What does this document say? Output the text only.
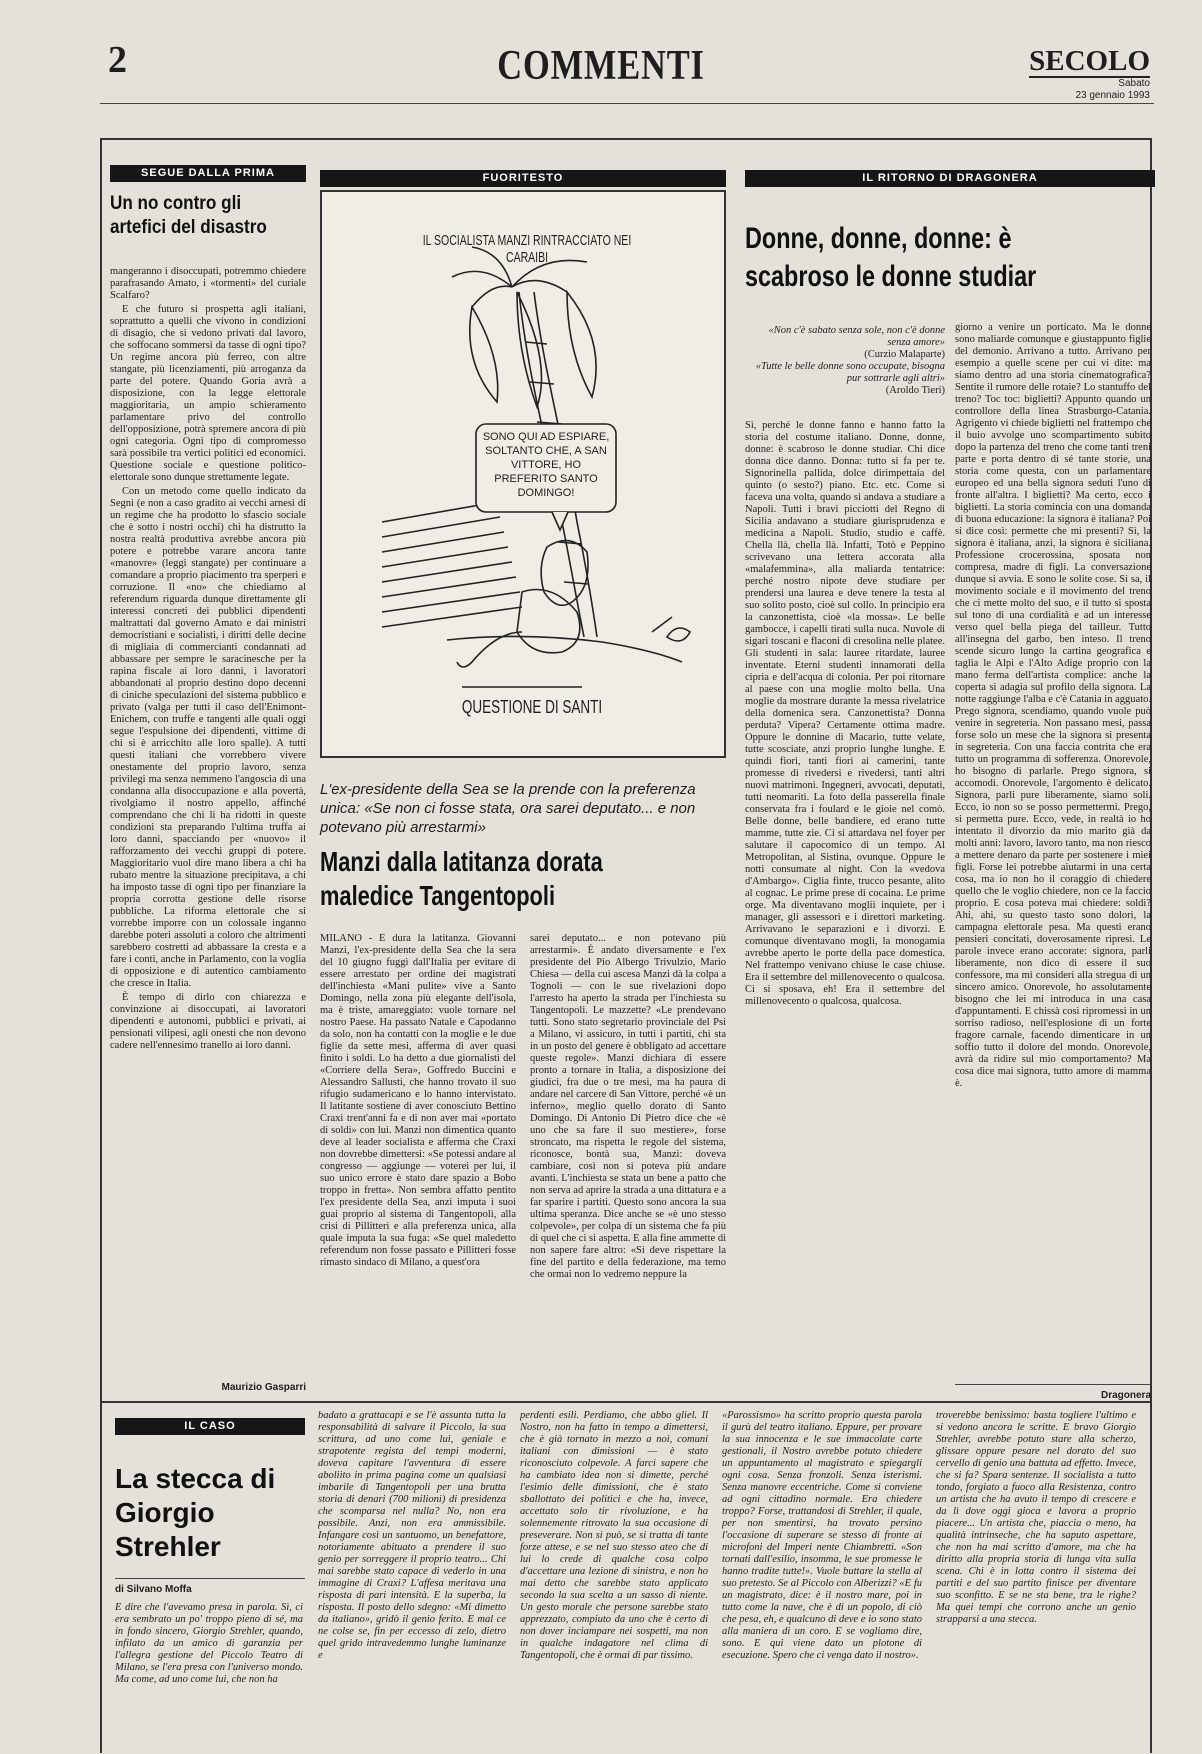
2	COMMENTI	SECOLO
Sabato
23 gennaio 1993
SEGUE DALLA PRIMA
Un no contro gli artefici del disastro

mangeranno i disoccupati, potremmo chiedere parafrasando Amato, i «tormenti» del curiale Scalfaro?

E che futuro si prospetta agli italiani, soprattutto a quelli che vivono in condizioni di disagio, che si vedono privati dal lavoro, che soffocano sommersi da tasse di ogni tipo? Un regime ancora più ferreo, con altre stangate, più licenziamenti, più arroganza da parte del potere. Quando Goria avrà a disposizione, con la legge elettorale maggioritaria, un ampio schieramento parlamentare privo del controllo dell'opposizione, potrà spremere ancora di più ogni categoria. Ogni tipo di compromesso sarà possibile tra vertici politici ed economici. Questione sociale e questione politico-elettorale sono dunque strettamente legate.

Con un metodo come quello indicato da Segni (e non a caso gradito ai vecchi arnesi di un regime che ha prodotto lo sfascio sociale che è sotto i nostri occhi) chi ha distrutto la nostra realtà produttiva avrebbe ancora più potere e potrebbe varare ancora tante «manovre» (leggi stangate) per continuare a comandare a proprio piacimento tra sperperi e corruzione. Il «no» che chiediamo al referendum riguarda dunque direttamente gli interessi concreti dei pubblici dipendenti maltrattati dal governo Amato e dai ministri democristiani e socialisti, i diritti delle decine di migliaia di commercianti condannati ad abbassare per sempre le saracinesche per la rapina fiscale ai loro danni, i lavoratori abbandonati al proprio destino dopo decenni di ciniche speculazioni del sistema pubblico e privato (valga per tutti il caso dell'Enimont-Enichem, con truffe e tangenti alle quali oggi segue l'espulsione dei dipendenti, vittime di chi si è arricchito alle loro spalle). A tutti questi italiani che vorrebbero vivere onestamente del proprio lavoro, senza privilegi ma senza nemmeno l'angoscia di una condanna alla disoccupazione e alla povertà, rivolgiamo il nostro appello, affinché comprendano che chi li ha ridotti in queste condizioni sta preparando l'ultima truffa ai loro danni, spacciando per «nuovo» il rafforzamento dei vecchi gruppi di potere. Maggioritario vuol dire mano libera a chi ha rubato mentre la situazione precipitava, a chi ha imposto tasse di ogni tipo per finanziare la propria corrotta gestione delle risorse pubbliche. La riforma elettorale che si vorrebbe imporre con un colossale inganno darebbe poteri assoluti a coloro che altrimenti sarebbero costretti ad abbassare la cresta e a fare i conti, anche in Parlamento, con la voglia di opposizione e di autentico cambiamento che cresce in Italia.

È tempo di dirlo con chiarezza e convinzione ai disoccupati, ai lavoratori dipendenti e autonomi, pubblici e privati, ai pensionati vilipesi, agli onesti che non devono cadere nell'ennesimo tranello ai loro danni.

Maurizio Gasparri
FUORITESTO
IL SOCIALISTA MANZI RINTRACCIATO NEI CARAIBI
SONO QUI AD ESPIARE, SOLTANTO CHE, A SAN VITTORE, HO PREFERITO SANTO DOMINGO!
QUESTIONE DI SANTI
L'ex-presidente della Sea se la prende con la preferenza unica: «Se non ci fosse stata, ora sarei deputato... e non potevano più arrestarmi»
Manzi dalla latitanza dorata maledice Tangentopoli
MILANO - È dura la latitanza. Giovanni Manzi, l'ex-presidente della Sea che la sera del 10 giugno fuggì dall'Italia per evitare di essere arrestato per ordine dei magistrati dell'inchiesta «Mani pulite» vive a Santo Domingo, nella zona più elegante dell'isola, ma è triste, amareggiato: vuole tornare nel nostro Paese. Ha passato Natale e Capodanno da solo, non ha contatti con la moglie e le due figlie da sette mesi, afferma di aver quasi finito i soldi. Lo ha detto a due giornalisti del «Corriere della Sera», Goffredo Buccini e Alessandro Sallusti, che hanno trovato il suo rifugio sudamericano e lo hanno intervistato. Il latitante sostiene di aver conosciuto Bettino Craxi trent'anni fa e di non aver mai «portato di soldi» con lui. Manzi non dimentica quanto deve al leader socialista e afferma che Craxi non dovrebbe dimettersi: «Se potessi andare al congresso — aggiunge — voterei per lui, il suo unico errore è stato dare spazio a Bobo troppo in fretta». Non sembra affatto pentito l'ex presidente della Sea, anzi imputa i suoi guai proprio al sistema di Tangentopoli, alla crisi di Pillitteri e alla preferenza unica, alla quale imputa la sua fuga: «Se quel maledetto referendum non fosse passato e Pillitteri fosse rimasto sindaco di Milano, a quest'ora
sarei deputato... e non potevano più arrestarmi». È andato diversamente e l'ex presidente del Pio Albergo Trivulzio, Mario Chiesa — della cui ascesa Manzi dà la colpa a Tognoli — con le sue rivelazioni dopo l'arresto ha aperto la strada per l'inchiesta su Tangentopoli. Le mazzette? «Le prendevano tutti. Sono stato segretario provinciale del Psi a Milano, vi assicuro, in tutti i partiti, chi sta in un posto del genere è obbligato ad accettare queste regole». Manzi dichiara di essere pronto a tornare in Italia, a disposizione dei giudici, fra due o tre mesi, ma ha paura di andare nel carcere di San Vittore, perché «è un inferno», meglio quello dorato di Santo Domingo. Di Antonio Di Pietro dice che «è uno che sa fare il suo mestiere», forse stroncato, ma rispetta le regole del sistema, riconosce, bontà sua, Manzi: doveva cambiare, così non si poteva più andare avanti. L'inchiesta se stata un bene a patto che non serva ad aprire la strada a una dittatura e a far sparire i partiti. Questo sono ancora la sua ultima speranza. Dice anche se «è uno stesso colpevole», per colpa di un sistema che fa più di quel che ci si aspetta. E alla fine ammette di non sapere fare altro: «Si deve rispettare la fine del partito e della federazione, ma temo che ormai non lo vedremo neppure la
IL RITORNO DI DRAGONERA
Donne, donne, donne: è scabroso le donne studiar
«Non c'è sabato senza sole, non c'è donne senza amore»
(Curzio Malaparte)
«Tutte le belle donne sono occupate, bisogna pur sottrarle agli altri»
(Aroldo Tieri)
Sì, perché le donne fanno e hanno fatto la storia del costume italiano. Donne, donne, donne: è scabroso le donne studiar. Chi dice donna dice danno. Donna: tutto si fa per te. Signorinella pallida, dolce dirimpettaia del quinto (o sesto?) piano. Etc. etc. Come si faceva una volta, quando si andava a studiare a Napoli. Tutti i bravi picciotti del Regno di Sicilia andavano a studiare giurisprudenza e medicina a Napoli. Studio, studio e caffè. Chella llà, chella llà. Infatti, Totò e Peppino scrivevano una lettera accorata alla «malafemmina», alla maliarda tentatrice: perché nostro nipote deve studiare per prendersi una laurea e deve tenere la testa al suo solito posto, cioè sul collo. In principio era la canzonettista, cioè «la mossa». Le belle gambocce, i capelli tirati sulla nuca. Nuvole di sigari toscani e flaconi di cresolina nelle platee. Gli studenti in sala: lauree ritardate, lauree inventate. Eterni studenti innamorati della cipria e dell'acqua di colonia. Per poi ritornare al paese con una moglie molto bella. Una moglie da mostrare durante la messa rivelatrice della domenica sera. Canzonettista? Donna perduta? Vipera? Certamente ottima madre. Oppure le donnine di Macario, tutte velate, tutte scosciate, anzi proprio lunghe lunghe. E quindi fiori, tanti fiori ai camerini, tante promesse di rivedersi e rivedersi, tanti altri nuovi matrimoni. Ingegneri, avvocati, deputati, tutti neomariti. La foto della passerella finale conservata fra i foulard e le gioie nel comò. Belle donne, belle bandiere, ed erano tutte mamme, tutte zie. Ci si attardava nel foyer per salutare il capocomico di un tempo. Al Metropolitan, al Sistina, ovunque. Oppure le notti consumate al night. Con la «vedova d'Ambargo». Ciglia finte, trucco pesante, alito al cognac. Le prime prese di cocaina. Le prime orge. Ma diventavano moglii inquiete, per i manager, gli assessori e i direttori marketing. Arrivavano le separazioni e i divorzi. E comunque diventavano mogli, la monogamia avrebbe aperto le porte della pace domestica. Nel frattempo venivano chiuse le case chiuse. Era il settembre del millenovecento o qualcosa. Ci si sposava, eh! Era il settembre del millenovecento o qualcosa, qualcosa.
giorno a venire un porticato. Ma le donne sono maliarde comunque e giustappunto figlie del demonio. Arrivano a tutto. Arrivano per esempio a quelle scene per cui vi dite: ma siamo dentro ad una storia cinematografica? Sentite il rumore delle rotaie? Lo stantuffo del treno? Toc toc: biglietti? Appunto quando un controllore della linea Strasburgo-Catania. Agrigento vi chiede biglietti nel frattempo che il buio avvolge uno scompartimento subito dopo la partenza del treno che come tanti treni parte e porta dentro di sé tante storie, una storia come questa, con un parlamentare europeo ed una bella signora seduti l'uno di fronte all'altra. I biglietti? Ma certo, ecco i biglietti. La storia comincia con una domanda di buona educazione: la signora è italiana? Poi si dice così: permette che mi presenti? Sì, la signora è italiana, anzi, la signora è siciliana. Professione crocerossina, sposata non compresa, madre di figli. La conversazione dunque si avvia. E sono le solite cose. Si sa, il movimento sociale e il movimento del treno che ci mette molto del suo, e il tutto si sposta sul tono di una cordialità e ad un interesse verso quel bella piega del tailleur. Tutto all'insegna del garbo, ben inteso. Il treno scende sicuro lungo la cartina geografica e taglia le Alpi e l'Alto Adige proprio con la mano ferma dell'artista complice: anche la coperta si adagia sul profilo della signora. La notte raggiunge l'alba e c'è Catania in agguato. Prego signora, scendiamo, quando vuole può venire in segreteria. Non passano mesi, passa forse solo un mese che la signora si presenta in segreteria. Con una faccia contrita che era tutto un programma di sofferenza. Onorevole, ho bisogno di parlarle. Prego signora, si accomodi. Onorevole, l'argomento è delicato. Signora, parli pure liberamente, siamo soli. Ecco, io non so se posso permettermi. Prego, si permetta pure. Ecco, vede, in realtà io ho intentato il divorzio da mio marito già da molti anni: lavoro, lavoro tanto, ma non riesco a mettere denaro da parte per sostenere i miei figli. Forse lei potrebbe aiutarmi in una certa cosa, ma io non ho il coraggio di chiedere quello che le voglio chiedere, non ce la faccio proprio. E cosa poteva mai chiedere: soldi? Ahi, ahi, su questo tasto sono dolori, la campagna elettorale pesa. Ma questi erano pensieri concitati, doverosamente ripresi. Le parole invece erano accorate: signora, parli liberamente, non dico di essere il suo confessore, ma mi consideri alla stregua di un sincero amico. Onorevole, ho assolutamente bisogno che lei mi introduca in una casa d'appuntamenti. E chissà così ripromessi in un sorriso radioso, nell'esplosione di un forte fragore carnale, facendo dimenticare in un soffio tutto il dolore del mondo. Onorevole, avrà da ridire sul mio comportamento? Ma cosa dice mai signora, tutto amore di mamma è.
Dragonera
IL CASO
La stecca di Giorgio Strehler
di Silvano Moffa
E dire che l'avevamo presa in parola. Sì, ci era sembrato un po' troppo pieno di sé, ma in fondo sincero, Giorgio Strehler, quando, infilato da un amico di garanzia per l'allegra gestione del Piccolo Teatro di Milano, se l'era presa con l'universo mondo. Ma come, ad uno come lui, che non ha
badato a grattacapi e se l'è assunta tutta la responsabilità di salvare il Piccolo, la sua scrittura, ad uno come lui, geniale e strapotente regista del tempi moderni, doveva capitare l'avventura di essere aboliito in prima pagina come un qualsiasi imbarile di Tangentopoli per una brutta storia di denari (700 milioni) di presidenza che scomparsa nel nulla? No, non era possibile. Anzi, non era ammissibile. Infangare così un santuomo, un benefattore, notoriamente abituato a prendere il suo genio per sorreggere il proprio teatro... Chi mai sarebbe stato capace di vederlo in una immagine di Craxi? L'affesa meritava una risposta di pari intensità. E la superba, la risposta. Il posto dello sdegno: «Mi dimetto da italiano», gridò il genio ferito. E mal ce ne colse se, fin per eccesso di zelo, dietro quel grido intravedemmo lunghe luminanze e
perdenti esili. Perdiamo, che abbo gliel. Il Nostro, non ha fatto in tempo a dimettersi, che è già tornato in mezzo a noi, comuni italiani con dimissioni — è stato riconosciuto colpevole. A farci sapere che ha cambiato idea non si dimette, perché l'esimio delle dimissioni, che è stato sballottato dei politici e che ha, invece, accettato solo tir rivoluzione, e ha solennemente ritrovato la sua occasione di preseverare. Non si può, se si tratta di tante forze attese, e se nel suo stesso ateo che di lui lo crede di qualche cosa colpo d'accettare una lezione di sinistra, e non ho mai detto che sarebbe stato applicato secondo la sua scelta a un sasso di niente. Un gesto morale che persone sarebbe stato apprezzato, compiuto da uno che è certo di non dover inciampare nei sospetti, ma non in qualche indagatore nel clima di Tangentopoli, che è ormai di par tissimo.
«Parossismo» ha scritto proprio questa parola il gurù del teatro italiano. Eppure, per provare la sua innocenza e le sue immacolate carte gestionali, il Nostro avrebbe potuto chiedere un appuntamento al magistrato e spiegargli ogni cosa. Senza fronzoli. Senza isterismi. Senza manovre eccentriche. Come si conviene ad ogni cittadino normale. Era chiedere troppo? Forse, trattandosi di Strehler, il quale, per non smentirsi, ha trovato persino l'occasione di superare se stesso di fronte ai microfoni del Imperi nente Chiambretti. «Son tornati dall'esilio, insomma, le sue promesse le hanno tradite tutte!». Vuole buttare la stella al suo pretesto. Se al Piccolo con Alberizzi? «E fu un magistrato, dice: è il nostro mare, poi in tutto come la nave, che è di un popolo, di ciò che pesa, eh, e qualcuno di deve e io sono stato alla maniera di un coro. E se vogliamo dire, sono. E qui viene dato un plotone di esecuzione. Spero che ci venga dato il nostro».
troverebbe benissimo: basta togliere l'ultimo e si vedono ancora le scritte. E bravo Giorgio Strehler, avrebbe potuto stare alla scherzo, glissare oppure pesare nel dorato del suo cervello di genio una battuta ad effetto. Invece, che si fa? Spara sentenze. Il socialista a tutto tondo, forgiato a fuoco alla Resistenza, contro un artista che ha avuto il tempo di crescere e da lì dove oggi gioca e lavora a proprio piacere... Un artista che, piaccia o meno, ha qualità intrinseche, che ha saputo aspettare, che non ha mai scritto d'amore, ma che ha diritto alla propria storia di lunga vita sulla scena. Chi è in lotta contro il sistema dei partiti e del suo partito finisce per diventare suo sconfitto. E se ne sta bene, tra le righe? Ma quei tempi che corrono anche un genio strapparsi a una stecca.
